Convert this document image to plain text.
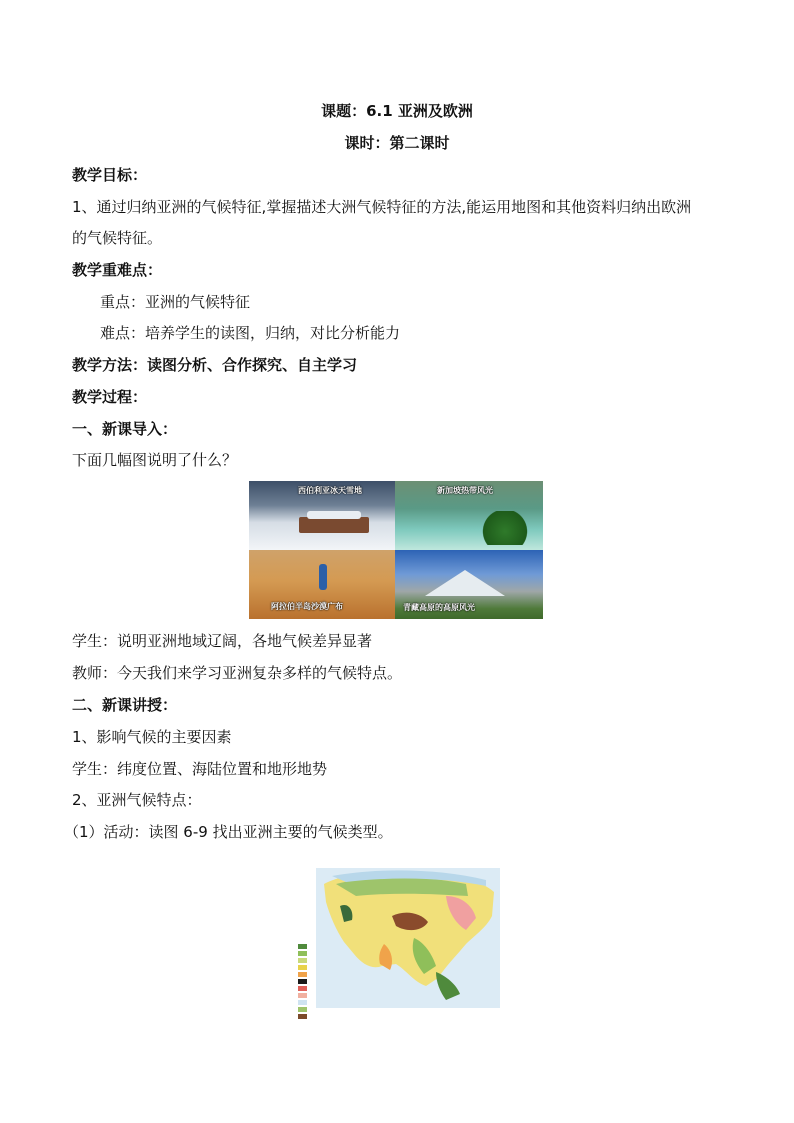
课题：6.1 亚洲及欧洲
课时：第二课时
教学目标：
1、通过归纳亚洲的气候特征,掌握描述大洲气候特征的方法,能运用地图和其他资料归纳出欧洲
的气候特征。
教学重难点：
重点：亚洲的气候特征
难点：培养学生的读图，归纳，对比分析能力
教学方法：读图分析、合作探究、自主学习
教学过程：
一、新课导入：
下面几幅图说明了什么？
西伯利亚冰天雪地	新加坡热带风光
阿拉伯半岛沙漠广布	青藏高原的高原风光
学生：说明亚洲地域辽阔，各地气候差异显著
教师：今天我们来学习亚洲复杂多样的气候特点。
二、新课讲授：
1、影响气候的主要因素
学生：纬度位置、海陆位置和地形地势
2、亚洲气候特点：
（1）活动：读图 6-9 找出亚洲主要的气候类型。
